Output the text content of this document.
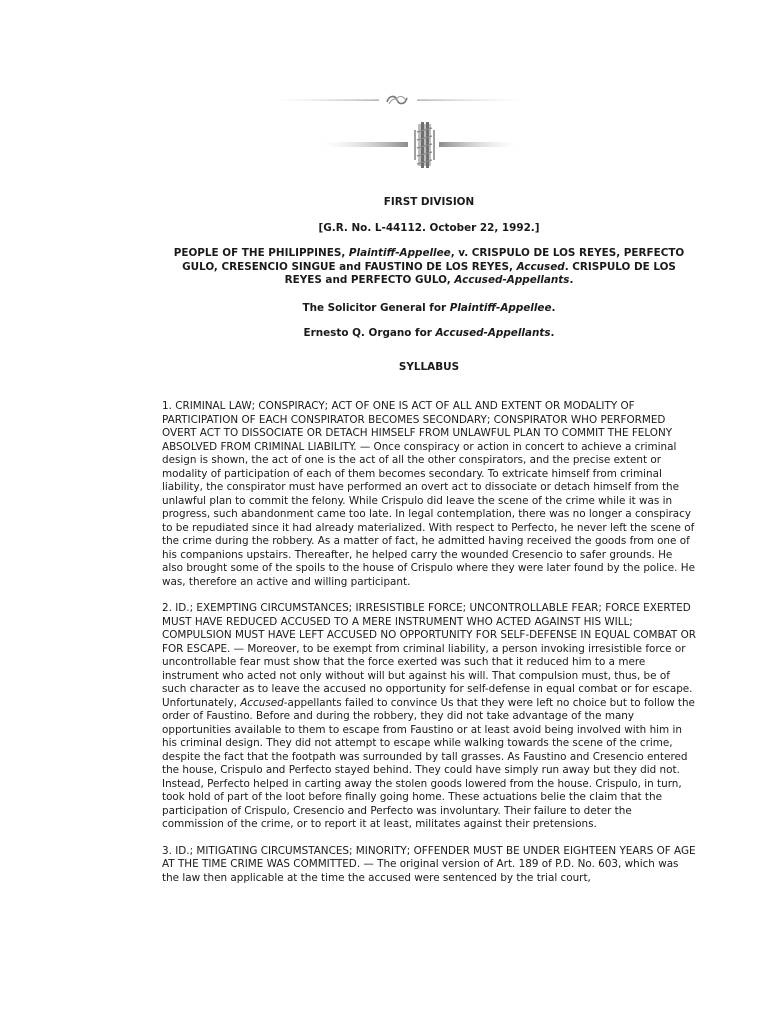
FIRST DIVISION
[G.R. No. L-44112. October 22, 1992.]
PEOPLE OF THE PHILIPPINES, Plaintiff-Appellee, v. CRISPULO DE LOS REYES, PERFECTO GULO, CRESENCIO SINGUE and FAUSTINO DE LOS REYES, Accused. CRISPULO DE LOS REYES and PERFECTO GULO, Accused-Appellants.
The Solicitor General for Plaintiff-Appellee.
Ernesto Q. Organo for Accused-Appellants.
SYLLABUS

1. CRIMINAL LAW; CONSPIRACY; ACT OF ONE IS ACT OF ALL AND EXTENT OR MODALITY OF PARTICIPATION OF EACH CONSPIRATOR BECOMES SECONDARY; CONSPIRATOR WHO PERFORMED OVERT ACT TO DISSOCIATE OR DETACH HIMSELF FROM UNLAWFUL PLAN TO COMMIT THE FELONY ABSOLVED FROM CRIMINAL LIABILITY. — Once conspiracy or action in concert to achieve a criminal design is shown, the act of one is the act of all the other conspirators, and the precise extent or modality of participation of each of them becomes secondary. To extricate himself from criminal liability, the conspirator must have performed an overt act to dissociate or detach himself from the unlawful plan to commit the felony. While Crispulo did leave the scene of the crime while it was in progress, such abandonment came too late. In legal contemplation, there was no longer a conspiracy to be repudiated since it had already materialized. With respect to Perfecto, he never left the scene of the crime during the robbery. As a matter of fact, he admitted having received the goods from one of his companions upstairs. Thereafter, he helped carry the wounded Cresencio to safer grounds. He also brought some of the spoils to the house of Crispulo where they were later found by the police. He was, therefore an active and willing participant.

2. ID.; EXEMPTING CIRCUMSTANCES; IRRESISTIBLE FORCE; UNCONTROLLABLE FEAR; FORCE EXERTED MUST HAVE REDUCED ACCUSED TO A MERE INSTRUMENT WHO ACTED AGAINST HIS WILL; COMPULSION MUST HAVE LEFT ACCUSED NO OPPORTUNITY FOR SELF-DEFENSE IN EQUAL COMBAT OR FOR ESCAPE. — Moreover, to be exempt from criminal liability, a person invoking irresistible force or uncontrollable fear must show that the force exerted was such that it reduced him to a mere instrument who acted not only without will but against his will. That compulsion must, thus, be of such character as to leave the accused no opportunity for self-defense in equal combat or for escape. Unfortunately, Accused-appellants failed to convince Us that they were left no choice but to follow the order of Faustino. Before and during the robbery, they did not take advantage of the many opportunities available to them to escape from Faustino or at least avoid being involved with him in his criminal design. They did not attempt to escape while walking towards the scene of the crime, despite the fact that the footpath was surrounded by tall grasses. As Faustino and Cresencio entered the house, Crispulo and Perfecto stayed behind. They could have simply run away but they did not. Instead, Perfecto helped in carting away the stolen goods lowered from the house. Crispulo, in turn, took hold of part of the loot before finally going home. These actuations belie the claim that the participation of Crispulo, Cresencio and Perfecto was involuntary. Their failure to deter the commission of the crime, or to report it at least, militates against their pretensions.

3. ID.; MITIGATING CIRCUMSTANCES; MINORITY; OFFENDER MUST BE UNDER EIGHTEEN YEARS OF AGE AT THE TIME CRIME WAS COMMITTED. — The original version of Art. 189 of P.D. No. 603, which was the law then applicable at the time the accused were sentenced by the trial court,
